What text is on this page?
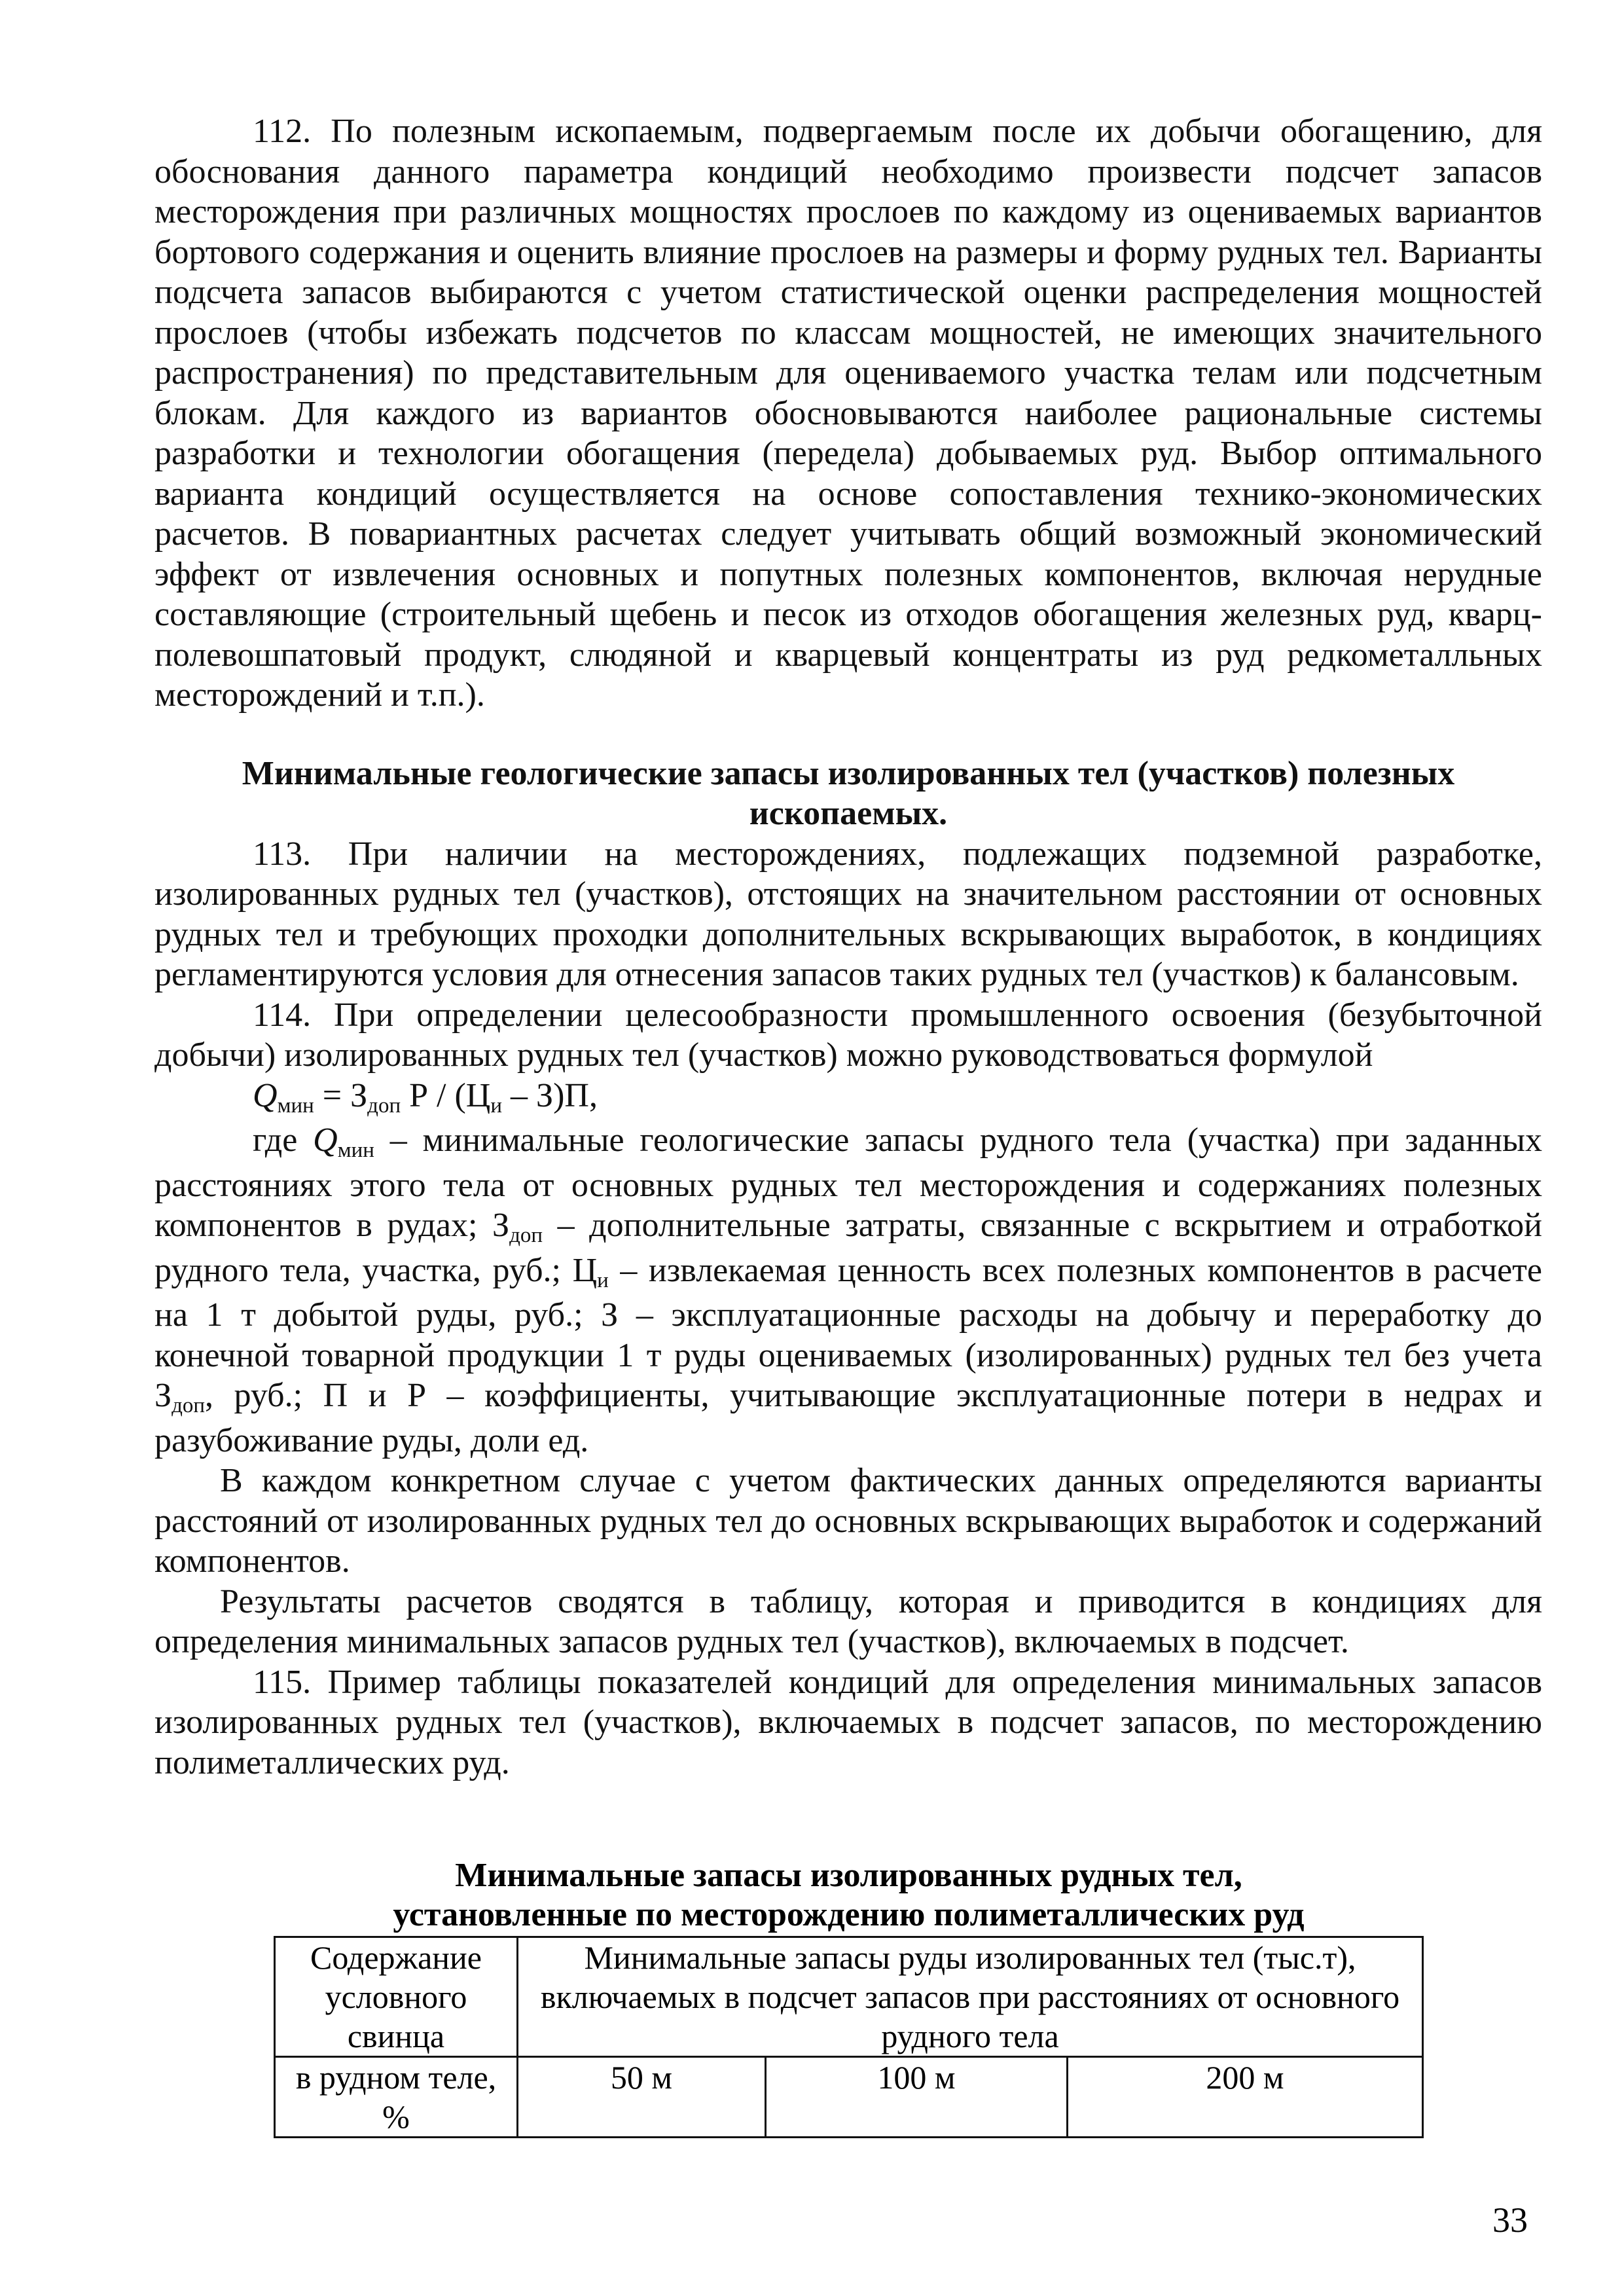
112. По полезным ископаемым, подвергаемым после их добычи обогащению, для обоснования данного параметра кондиций необходимо произвести подсчет запасов месторождения при различных мощностях прослоев по каждому из оцениваемых вариантов бортового содержания и оценить влияние прослоев на размеры и форму рудных тел. Варианты подсчета запасов выбираются с учетом статистической оценки распределения мощностей прослоев (чтобы избежать подсчетов по классам мощностей, не имеющих значительного распространения) по представительным для оцениваемого участка телам или подсчетным блокам. Для каждого из вариантов обосновываются наиболее рациональные системы разработки и технологии обогащения (передела) добываемых руд. Выбор оптимального варианта кондиций осуществляется на основе сопоставления технико-экономических расчетов. В повариантных расчетах следует учитывать общий возможный экономический эффект от извлечения основных и попутных полезных компонентов, включая нерудные составляющие (строительный щебень и песок из отходов обогащения железных руд, кварц-полевошпатовый продукт, слюдяной и кварцевый концентраты из руд редкометалльных месторождений и т.п.).

Минимальные геологические запасы изолированных тел (участков) полезных ископаемых.

113. При наличии на месторождениях, подлежащих подземной разработке, изолированных рудных тел (участков), отстоящих на значительном расстоянии от основных рудных тел и требующих проходки дополнительных вскрывающих выработок, в кондициях регламентируются условия для отнесения запасов таких рудных тел (участков) к балансовым.

114. При определении целесообразности промышленного освоения (безубыточной добычи) изолированных рудных тел (участков) можно руководствоваться формулой

$Q_{мин} = З_{доп}$ Р / $(Ц_и - З)П$,

где $Q_{мин}$ – минимальные геологические запасы рудного тела (участка) при заданных расстояниях этого тела от основных рудных тел месторождения и содержаниях полезных компонентов в рудах; $З_{доп}$ – дополнительные затраты, связанные с вскрытием и отработкой рудного тела, участка, руб.; $Ц_и$ – извлекаемая ценность всех полезных компонентов в расчете на 1 т добытой руды, руб.; З – эксплуатационные расходы на добычу и переработку до конечной товарной продукции 1 т руды оцениваемых (изолированных) рудных тел без учета $З_{доп}$, руб.; П и Р – коэффициенты, учитывающие эксплуатационные потери в недрах и разубоживание руды, доли ед.

В каждом конкретном случае с учетом фактических данных определяются варианты расстояний от изолированных рудных тел до основных вскрывающих выработок и содержаний компонентов.

Результаты расчетов сводятся в таблицу, которая и приводится в кондициях для определения минимальных запасов рудных тел (участков), включаемых в подсчет.

115. Пример таблицы показателей кондиций для определения минимальных запасов изолированных рудных тел (участков), включаемых в подсчет запасов, по месторождению полиметаллических руд.

Минимальные запасы изолированных рудных тел,
установленные по месторождению полиметаллических руд
Содержание условного свинца	Минимальные запасы руды изолированных тел (тыс.т), включаемых в подсчет запасов при расстояниях от основного рудного тела		
в рудном теле, %	50 м	100 м	200 м
33
